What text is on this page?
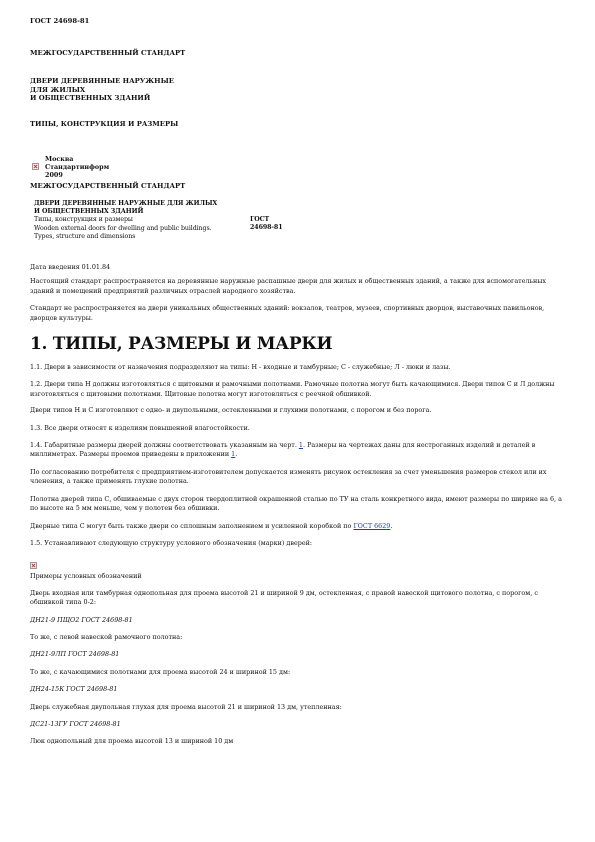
ГОСТ 24698-81
МЕЖГОСУДАРСТВЕННЫЙ СТАНДАРТ
ДВЕРИ ДЕРЕВЯННЫЕ НАРУЖНЫЕ
ДЛЯ ЖИЛЫХ
И ОБЩЕСТВЕННЫХ ЗДАНИЙ
ТИПЫ, КОНСТРУКЦИЯ И РАЗМЕРЫ
Москва
Стандартинформ
2009
МЕЖГОСУДАРСТВЕННЫЙ СТАНДАРТ
ДВЕРИ ДЕРЕВЯННЫЕ НАРУЖНЫЕ ДЛЯ ЖИЛЫХ
И ОБЩЕСТВЕННЫХ ЗДАНИЙ
Типы, конструкция и размеры
Wooden external doors for dwelling and public buildings.
Types, structure and dimensions
ГОСТ
24698-81

Дата введения 01.01.84

Настоящий стандарт распространяется на деревянные наружные распашные двери для жилых и общественных зданий, а также для вспомогательных зданий и помещений предприятий различных отраслей народного хозяйства.

Стандарт не распространяется на двери уникальных общественных зданий: вокзалов, театров, музеев, спортивных дворцов, выставочных павильонов, дворцов культуры.

1. ТИПЫ, РАЗМЕРЫ И МАРКИ

1.1. Двери в зависимости от назначения подразделяют на типы: Н - входные и тамбурные; С - служебные; Л - люки и лазы.

1.2. Двери типа Н должны изготовляться с щитовыми и рамочными полотнами. Рамочные полотна могут быть качающимися. Двери типов С и Л должны изготовляться с щитовыми полотнами. Щитовые полотна могут изготовляться с реечной обшивкой.

Двери типов Н и С изготовляют с одно- и двупольными, остекленными и глухими полотнами, с порогом и без порога.

1.3. Все двери относят к изделиям повышенной влагостойкости.

1.4. Габаритные размеры дверей должны соответствовать указанным на черт. 1. Размеры на чертежах даны для нестроганных изделий и деталей в миллиметрах. Размеры проемов приведены в приложении 1.

По согласованию потребителя с предприятием-изготовителем допускается изменять рисунок остекления за счет уменьшения размеров стекол или их членения, а также применять глухие полотна.

Полотна дверей типа С, обшиваемые с двух сторон твердоплитной окрашенной сталью по ТУ на сталь конкретного вида, имеют размеры по ширине на 6, а по высоте на 5 мм меньше, чем у полотен без обшивки.

Дверные типа С могут быть также двери со сплошным заполнением и усиленной коробкой по ГОСТ 6629.

1.5. Устанавливают следующую структуру условного обозначения (марки) дверей:

Примеры условных обозначений

Дверь входная или тамбурная однопольная для проема высотой 21 и шириной 9 дм, остекленная, с правой навеской щитового полотна, с порогом, с обшивкой типа 0-2:

ДН21-9 ПЩО2 ГОСТ 24698-81

То же, с левой навеской рамочного полотна:

ДН21-9ЛП ГОСТ 24698-81

То же, с качающимися полотнами для проема высотой 24 и шириной 15 дм:

ДН24-15К ГОСТ 24698-81

Дверь служебная двупольная глухая для проема высотой 21 и шириной 13 дм, утепленная:

ДС21-13ГУ ГОСТ 24698-81

Люк однопольный для проема высотой 13 и шириной 10 дм
